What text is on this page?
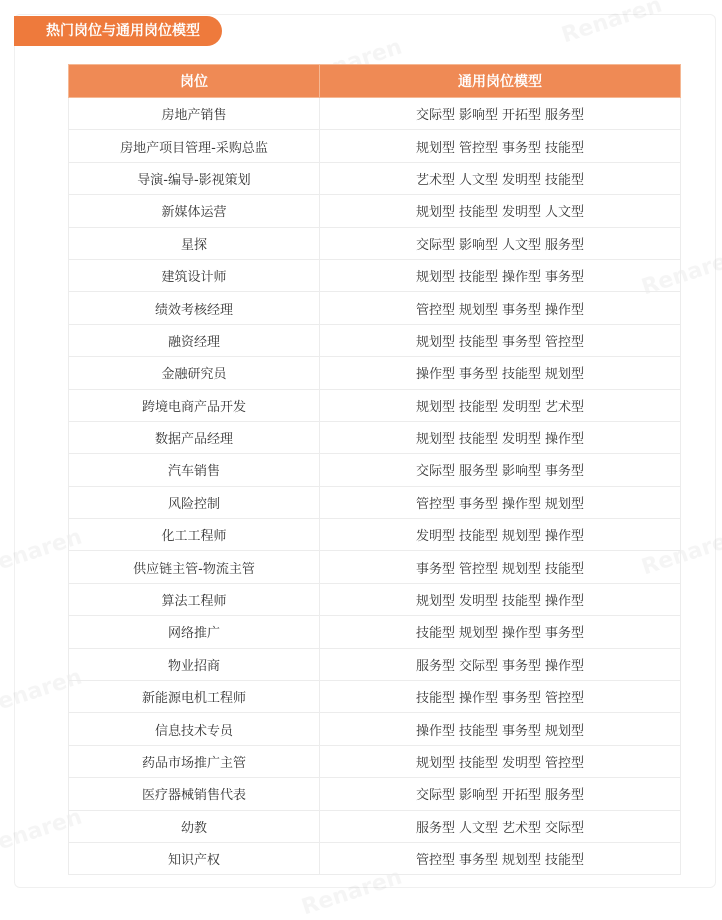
热门岗位与通用岗位模型
岗位	通用岗位模型
房地产销售	交际型 影响型 开拓型 服务型
房地产项目管理-采购总监	规划型 管控型 事务型 技能型
导演-编导-影视策划	艺术型 人文型 发明型 技能型
新媒体运营	规划型 技能型 发明型 人文型
星探	交际型 影响型 人文型 服务型
建筑设计师	规划型 技能型 操作型 事务型
绩效考核经理	管控型 规划型 事务型 操作型
融资经理	规划型 技能型 事务型 管控型
金融研究员	操作型 事务型 技能型 规划型
跨境电商产品开发	规划型 技能型 发明型 艺术型
数据产品经理	规划型 技能型 发明型 操作型
汽车销售	交际型 服务型 影响型 事务型
风险控制	管控型 事务型 操作型 规划型
化工工程师	发明型 技能型 规划型 操作型
供应链主管-物流主管	事务型 管控型 规划型 技能型
算法工程师	规划型 发明型 技能型 操作型
网络推广	技能型 规划型 操作型 事务型
物业招商	服务型 交际型 事务型 操作型
新能源电机工程师	技能型 操作型 事务型 管控型
信息技术专员	操作型 技能型 事务型 规划型
药品市场推广主管	规划型 技能型 发明型 管控型
医疗器械销售代表	交际型 影响型 开拓型 服务型
幼教	服务型 人文型 艺术型 交际型
知识产权	管控型 事务型 规划型 技能型
